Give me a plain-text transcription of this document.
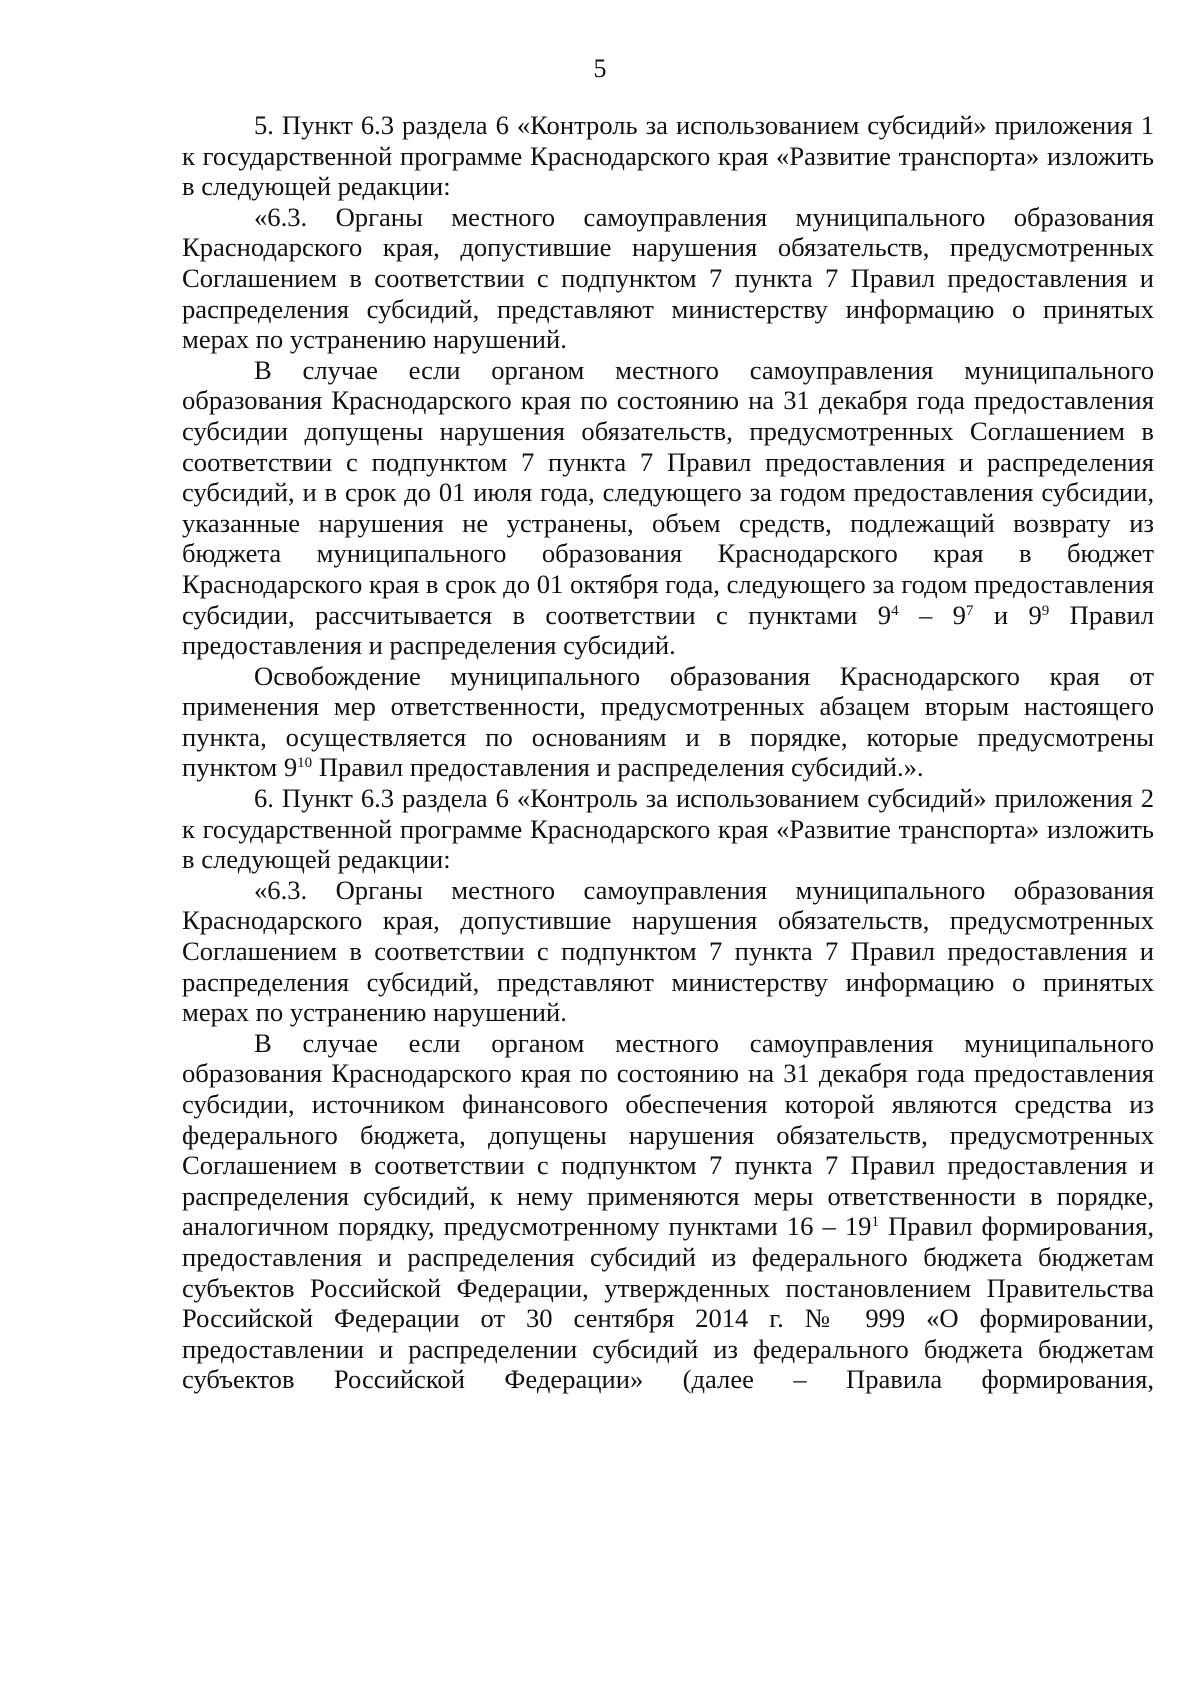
5

5. Пункт 6.3 раздела 6 «Контроль за использованием субсидий» приложения 1 к государственной программе Краснодарского края «Развитие транспорта» изложить в следующей редакции:

«6.3. Органы местного самоуправления муниципального образования Краснодарского края, допустившие нарушения обязательств, предусмотренных Соглашением в соответствии с подпунктом 7 пункта 7 Правил предоставления и распределения субсидий, представляют министерству информацию о принятых мерах по устранению нарушений.

В случае если органом местного самоуправления муниципального образования Краснодарского края по состоянию на 31 декабря года предоставления субсидии допущены нарушения обязательств, предусмотренных Соглашением в соответствии с подпунктом 7 пункта 7 Правил предоставления и распределения субсидий, и в срок до 01 июля года, следующего за годом предоставления субсидии, указанные нарушения не устранены, объем средств, подлежащий возврату из бюджета муниципального образования Краснодарского края в бюджет Краснодарского края в срок до 01 октября года, следующего за годом предоставления субсидии, рассчитывается в соответствии с пунктами $9^4 - 9^7$ и $9^9$ Правил предоставления и распределения субсидий.

Освобождение муниципального образования Краснодарского края от применения мер ответственности, предусмотренных абзацем вторым настоящего пункта, осуществляется по основаниям и в порядке, которые предусмотрены пунктом $9^{10}$ Правил предоставления и распределения субсидий.».

6. Пункт 6.3 раздела 6 «Контроль за использованием субсидий» приложения 2 к государственной программе Краснодарского края «Развитие транспорта» изложить в следующей редакции:

«6.3. Органы местного самоуправления муниципального образования Краснодарского края, допустившие нарушения обязательств, предусмотренных Соглашением в соответствии с подпунктом 7 пункта 7 Правил предоставления и распределения субсидий, представляют министерству информацию о принятых мерах по устранению нарушений.

В случае если органом местного самоуправления муниципального образования Краснодарского края по состоянию на 31 декабря года предоставления субсидии, источником финансового обеспечения которой являются средства из федерального бюджета, допущены нарушения обязательств, предусмотренных Соглашением в соответствии с подпунктом 7 пункта 7 Правил предоставления и распределения субсидий, к нему применяются меры ответственности в порядке, аналогичном порядку, предусмотренному пунктами $16 - 19^1$ Правил формирования, предоставления и распределения субсидий из федерального бюджета бюджетам субъектов Российской Федерации, утвержденных постановлением Правительства Российской Федерации от 30 сентября 2014 г. № 999 «О формировании, предоставлении и распределении субсидий из федерального бюджета бюджетам субъектов Российской Федерации» (далее – Правила формирования,
